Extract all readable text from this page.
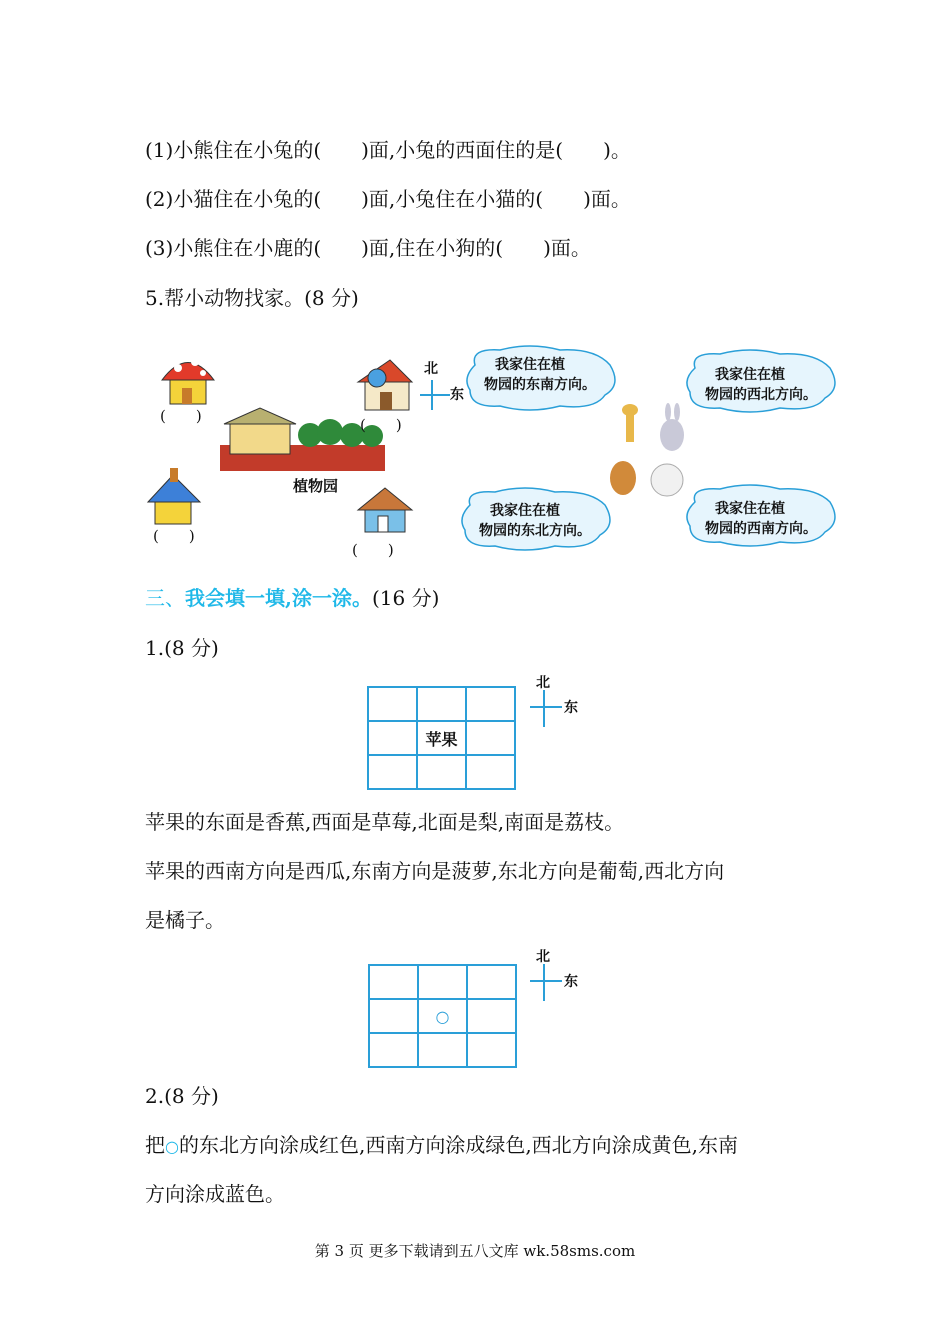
(1)小熊住在小兔的(　　)面,小兔的西面住的是(　　)。
(2)小猫住在小兔的(　　)面,小兔住在小猫的(　　)面。
(3)小熊住在小鹿的(　　)面,住在小狗的(　　)面。
5.帮小动物找家。(8 分)
(　　)	(　　)
(　　)
(　　)
植物园
北
东
我家住在植
物园的东南方向。
我家住在植
物园的西北方向。
我家住在植
物园的东北方向。
我家住在植
物园的西南方向。
三、我会填一填,涂一涂。(16 分)
1.(8 分)

	苹果	

北
东
苹果的东面是香蕉,西面是草莓,北面是梨,南面是荔枝。
苹果的西南方向是西瓜,东南方向是菠萝,东北方向是葡萄,西北方向
是橘子。

	○	

北
东
2.(8 分)
把○的东北方向涂成红色,西南方向涂成绿色,西北方向涂成黄色,东南
方向涂成蓝色。
第 3 页 更多下载请到五八文库 wk.58sms.com
